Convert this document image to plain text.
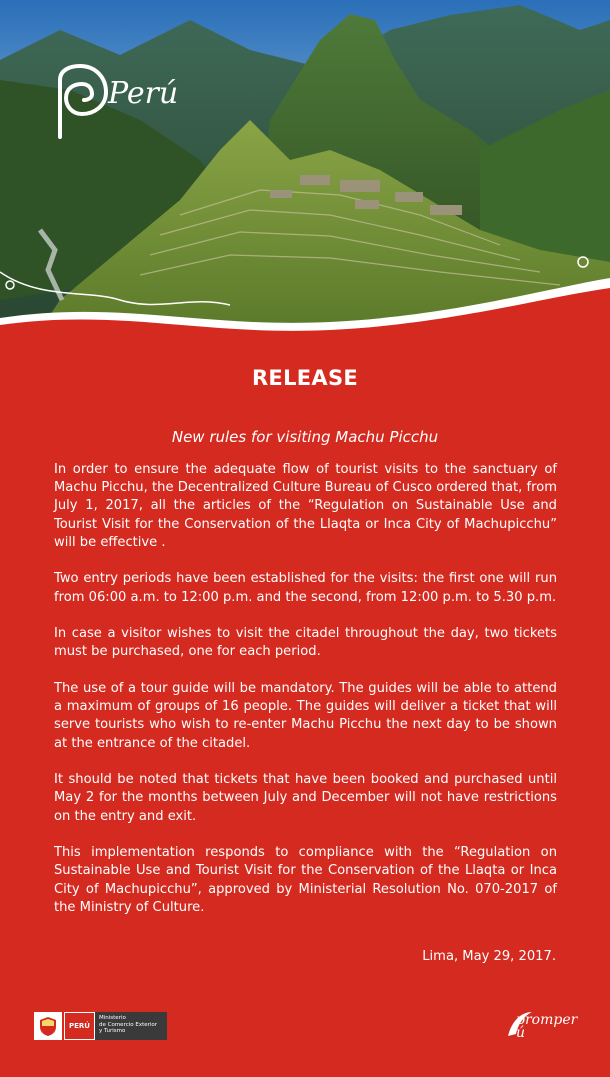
Perú
RELEASE
New rules for visiting Machu Picchu

In order to ensure the adequate flow of tourist visits to the sanctuary of Machu Picchu, the Decentralized Culture Bureau of Cusco ordered that, from July 1, 2017, all the articles of the “Regulation on Sustainable Use and Tourist Visit for the Conservation of the Llaqta or Inca City of Machupicchu” will be effective .

Two entry periods have been established for the visits: the first one will run from 06:00 a.m. to 12:00 p.m. and the second, from 12:00 p.m. to 5.30 p.m.

In case a visitor wishes to visit the citadel throughout the day, two tickets must be purchased, one for each period.

The use of a tour guide will be mandatory. The guides will be able to attend a maximum of groups of 16 people. The guides will deliver a ticket that will serve tourists who wish to re-enter Machu Picchu the next day to be shown at the entrance of the citadel.

It should be noted that tickets that have been booked and purchased until May 2 for the months between July and December will not have restrictions on the entry and exit.

This implementation responds to compliance with the “Regulation on Sustainable Use and Tourist Visit for the Conservation of the Llaqta or Inca City of Machupicchu”, approved by Ministerial Resolution No. 070-2017 of the Ministry of Culture.

Lima, May 29, 2017.
PERÚ
Ministerio
de Comercio Exterior
y Turismo
promperú
